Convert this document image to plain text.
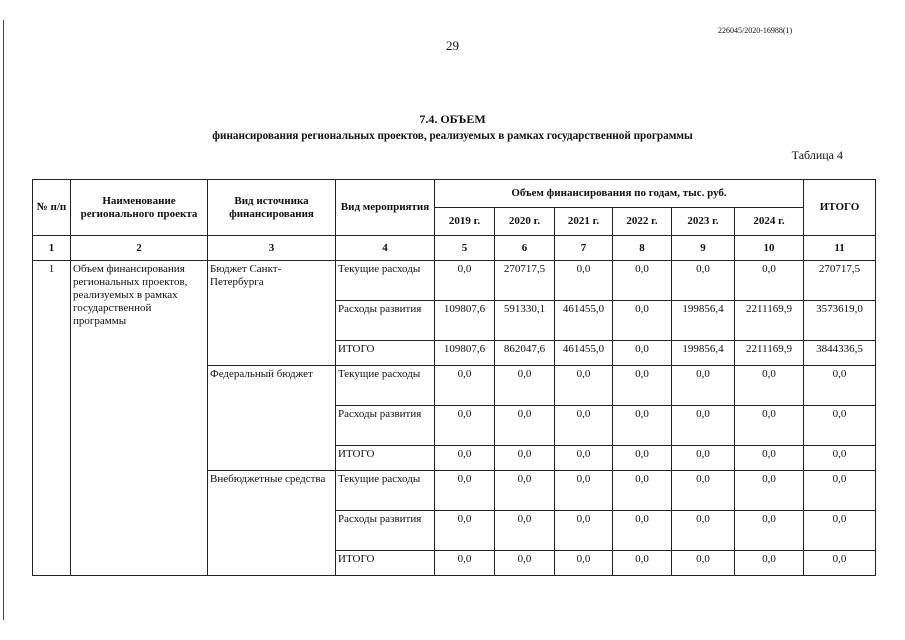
226045/2020-16988(1)
29
7.4. ОБЪЕМ
финансирования региональных проектов, реализуемых в рамках государственной программы
Таблица 4
№ п/п	Наименование регионального проекта	Вид источника финансирования	Вид мероприятия	Объем финансирования по годам, тыс. руб.						ИТОГО
				2019 г.	2020 г.	2021 г.	2022 г.	2023 г.	2024 г.	
1	2	3	4	5	6	7	8	9	10	11
1	Объем финансирования региональных проектов, реализуемых в рамках государственной программы	Бюджет Санкт-Петербурга	Текущие расходы	0,0	270717,5	0,0	0,0	0,0	0,0	270717,5
			Расходы развития	109807,6	591330,1	461455,0	0,0	199856,4	2211169,9	3573619,0
			ИТОГО	109807,6	862047,6	461455,0	0,0	199856,4	2211169,9	3844336,5
		Федеральный бюджет	Текущие расходы	0,0	0,0	0,0	0,0	0,0	0,0	0,0
			Расходы развития	0,0	0,0	0,0	0,0	0,0	0,0	0,0
			ИТОГО	0,0	0,0	0,0	0,0	0,0	0,0	0,0
		Внебюджетные средства	Текущие расходы	0,0	0,0	0,0	0,0	0,0	0,0	0,0
			Расходы развития	0,0	0,0	0,0	0,0	0,0	0,0	0,0
			ИТОГО	0,0	0,0	0,0	0,0	0,0	0,0	0,0
